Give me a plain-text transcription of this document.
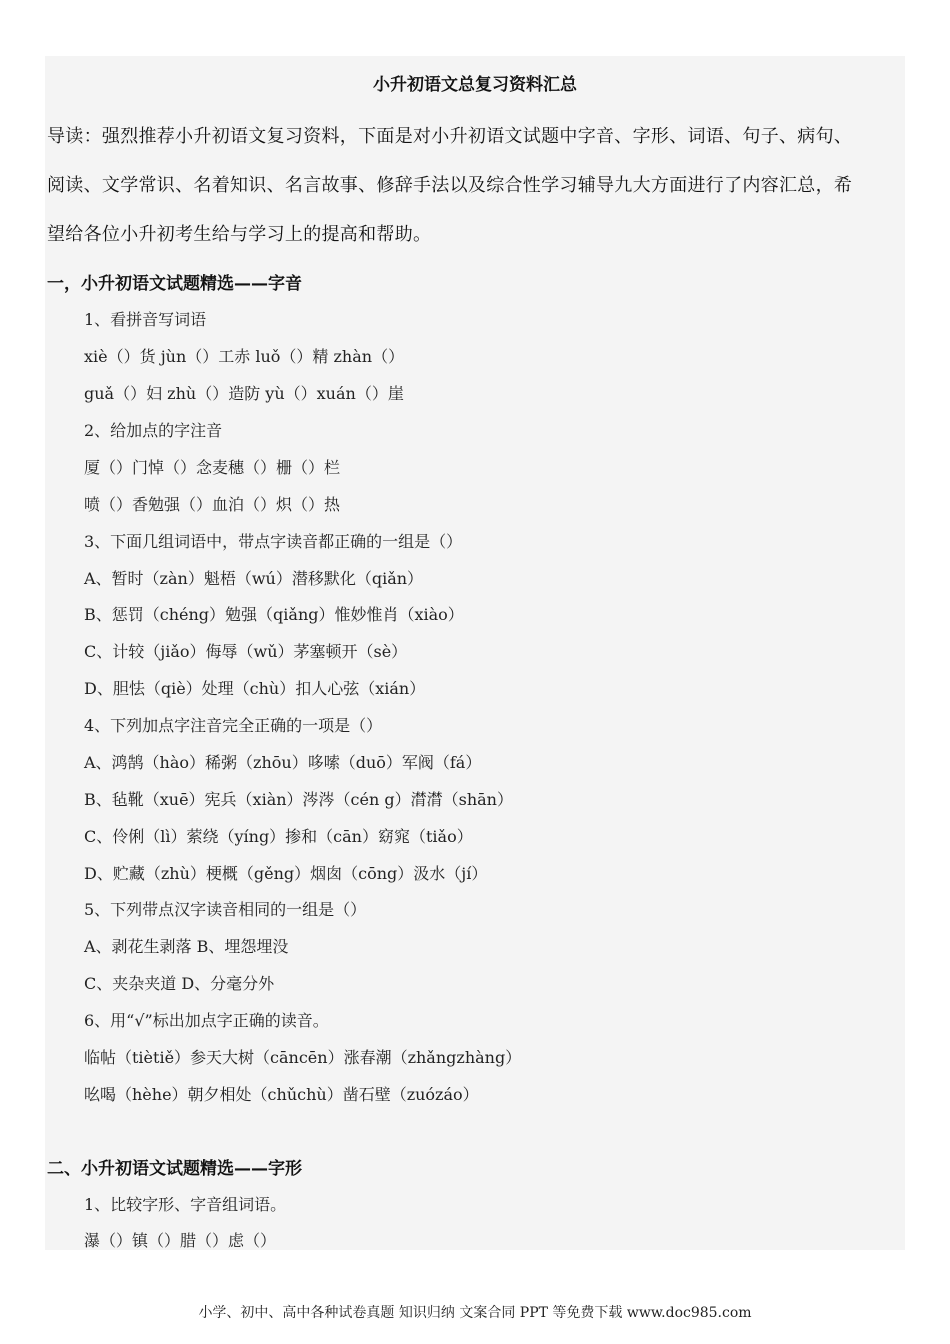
小升初语文总复习资料汇总
导读：强烈推荐小升初语文复习资料，下面是对小升初语文试题中字音、字形、词语、句子、病句、
阅读、文学常识、名着知识、名言故事、修辞手法以及综合性学习辅导九大方面进行了内容汇总，希
望给各位小升初考生给与学习上的提高和帮助。
一，小升初语文试题精选——字音
1、看拼音写词语
xiè（）货 jùn（）工赤 luǒ（）精 zhàn（）
guǎ（）妇 zhù（）造防 yù（）xuán（）崖
2、给加点的字注音
厦（）门悼（）念麦穗（）栅（）栏
喷（）香勉强（）血泊（）炽（）热
3、下面几组词语中，带点字读音都正确的一组是（）
A、暂时（zàn）魁梧（wú）潜移默化（qiǎn）
B、惩罚（chéng）勉强（qiǎng）惟妙惟肖（xiào）
C、计较（jiǎo）侮辱（wǔ）茅塞顿开（sè）
D、胆怯（qiè）处理（chù）扣人心弦（xián）
4、下列加点字注音完全正确的一项是（）
A、鸿鹄（hào）稀粥（zhōu）哆嗦（duō）军阀（fá）
B、毡靴（xuē）宪兵（xiàn）涔涔（cén g）潸潸（shān）
C、伶俐（lì）萦绕（yíng）掺和（cān）窈窕（tiǎo）
D、贮藏（zhù）梗概（gěng）烟囱（cōng）汲水（jí）
5、下列带点汉字读音相同的一组是（）
A、剥花生剥落 B、埋怨埋没
C、夹杂夹道 D、分毫分外
6、用“√”标出加点字正确的读音。
临帖（tiètiě）参天大树（cāncēn）涨春潮（zhǎngzhàng）
吆喝（hèhe）朝夕相处（chǔchù）凿石壁（zuózáo）
二、小升初语文试题精选——字形
1、比较字形、字音组词语。
瀑（）镇（）腊（）虑（）
小学、初中、高中各种试卷真题 知识归纳 文案合同 PPT 等免费下载 www.doc985.com
